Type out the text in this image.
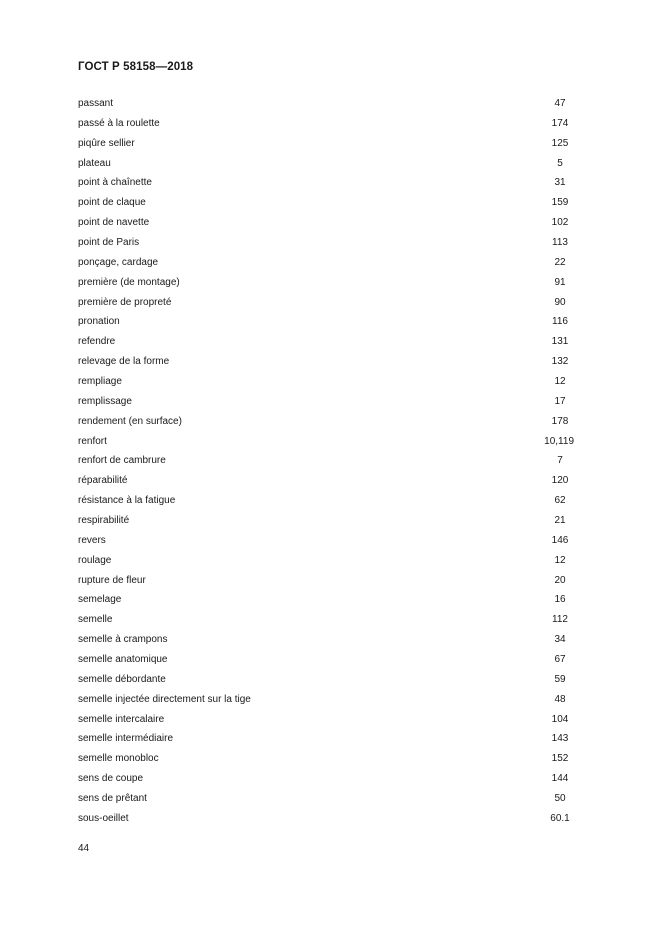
ГОСТ Р 58158—2018
passant	47
passé à la roulette	174
piqûre sellier	125
plateau	5
point à chaînette	31
point de claque	159
point de navette	102
point de Paris	113
ponçage, cardage	22
première (de montage)	91
première de propreté	90
pronation	116
refendre	131
relevage de la forme	132
rempliage	12
remplissage	17
rendement (en surface)	178
renfort	10,119
renfort de cambrure	7
réparabilité	120
résistance à la fatigue	62
respirabilité	21
revers	146
roulage	12
rupture de fleur	20
semelage	16
semelle	112
semelle à crampons	34
semelle anatomique	67
semelle débordante	59
semelle injectée directement sur la tige	48
semelle intercalaire	104
semelle intermédiaire	143
semelle monobloc	152
sens de coupe	144
sens de prêtant	50
sous-oeillet	60.1
44
